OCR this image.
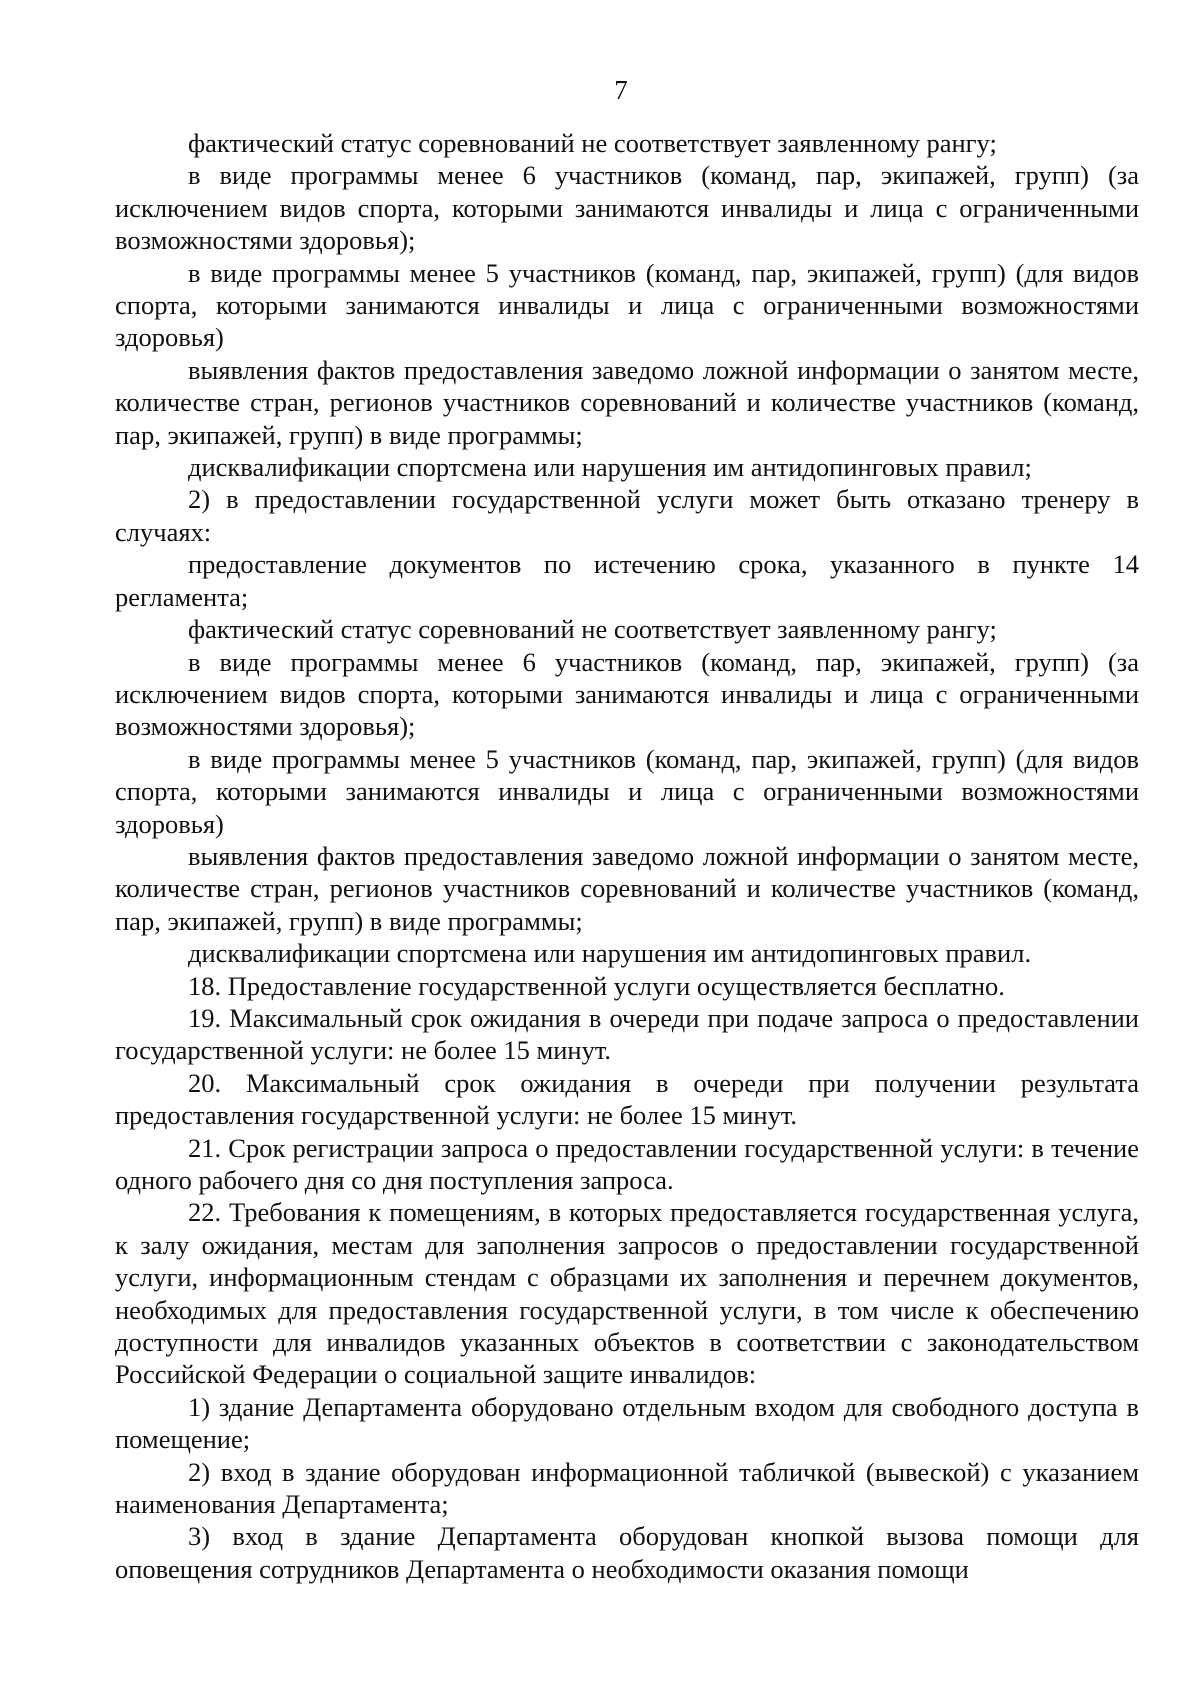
7

фактический статус соревнований не соответствует заявленному рангу;

в виде программы менее 6 участников (команд, пар, экипажей, групп) (за исключением видов спорта, которыми занимаются инвалиды и лица с ограниченными возможностями здоровья);

в виде программы менее 5 участников (команд, пар, экипажей, групп) (для видов спорта, которыми занимаются инвалиды и лица с ограниченными возможностями здоровья)

выявления фактов предоставления заведомо ложной информации о занятом месте, количестве стран, регионов участников соревнований и количестве участников (команд, пар, экипажей, групп) в виде программы;

дисквалификации спортсмена или нарушения им антидопинговых правил;

2) в предоставлении государственной услуги может быть отказано тренеру в случаях:

предоставление документов по истечению срока, указанного в пункте 14 регламента;

фактический статус соревнований не соответствует заявленному рангу;

в виде программы менее 6 участников (команд, пар, экипажей, групп) (за исключением видов спорта, которыми занимаются инвалиды и лица с ограниченными возможностями здоровья);

в виде программы менее 5 участников (команд, пар, экипажей, групп) (для видов спорта, которыми занимаются инвалиды и лица с ограниченными возможностями здоровья)

выявления фактов предоставления заведомо ложной информации о занятом месте, количестве стран, регионов участников соревнований и количестве участников (команд, пар, экипажей, групп) в виде программы;

дисквалификации спортсмена или нарушения им антидопинговых правил.

18. Предоставление государственной услуги осуществляется бесплатно.

19. Максимальный срок ожидания в очереди при подаче запроса о предоставлении государственной услуги: не более 15 минут.

20. Максимальный срок ожидания в очереди при получении результата предоставления государственной услуги: не более 15 минут.

21. Срок регистрации запроса о предоставлении государственной услуги: в течение одного рабочего дня со дня поступления запроса.

22. Требования к помещениям, в которых предоставляется государственная услуга, к залу ожидания, местам для заполнения запросов о предоставлении государственной услуги, информационным стендам с образцами их заполнения и перечнем документов, необходимых для предоставления государственной услуги, в том числе к обеспечению доступности для инвалидов указанных объектов в соответствии с законодательством Российской Федерации о социальной защите инвалидов:

1) здание Департамента оборудовано отдельным входом для свободного доступа в помещение;

2) вход в здание оборудован информационной табличкой (вывеской) с указанием наименования Департамента;

3) вход в здание Департамента оборудован кнопкой вызова помощи для оповещения сотрудников Департамента о необходимости оказания помощи
